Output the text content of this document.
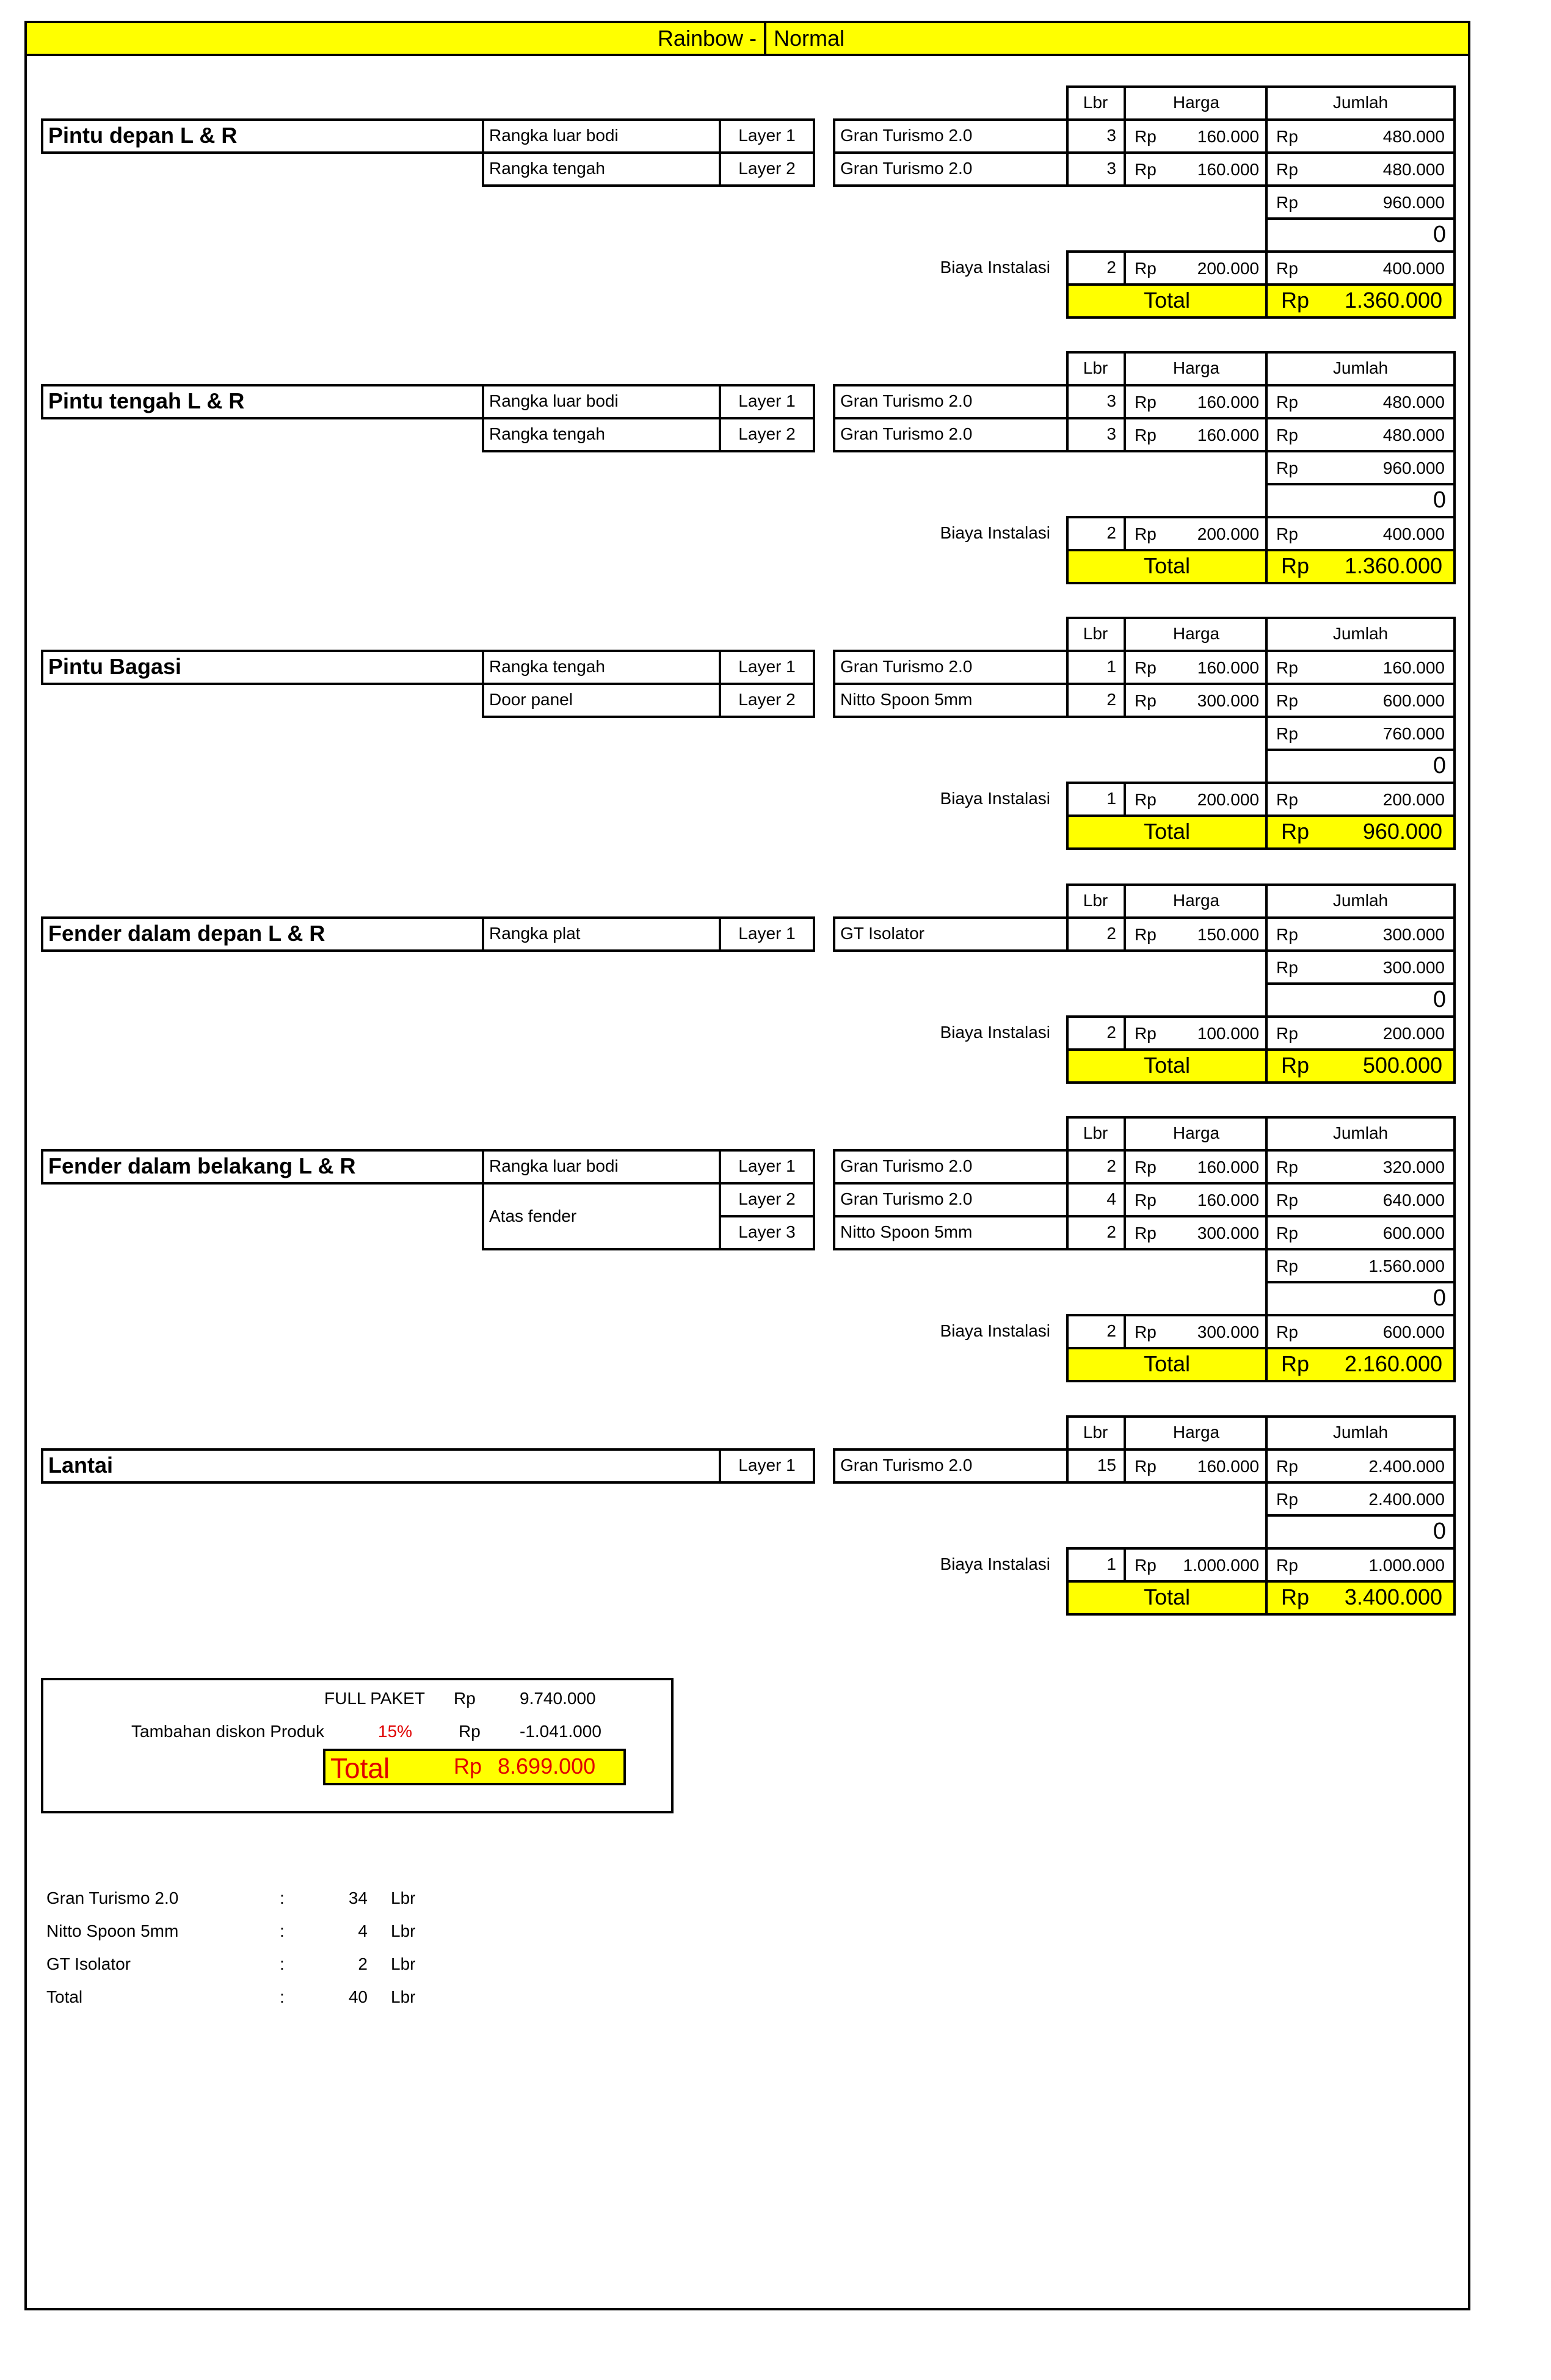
Rainbow - Normal
Lbr	Harga	Jumlah
Pintu depan L & R	Rangka luar bodi	Layer 1	Gran Turismo 2.0	3	Rp 160.000 Rp	480.000
Rangka tengah	Layer 2	Gran Turismo 2.0	3	Rp 160.000 Rp	480.000
Rp	960.000
0
Biaya Instalasi	2	Rp 200.000 Rp	400.000
Total	Rp 1.360.000
Lbr	Harga	Jumlah
Pintu tengah L & R	Rangka luar bodi	Layer 1	Gran Turismo 2.0	3	Rp 160.000 Rp	480.000
Rangka tengah	Layer 2	Gran Turismo 2.0	3	Rp 160.000 Rp	480.000
Rp	960.000
0
Biaya Instalasi	2	Rp 200.000 Rp	400.000
Total	Rp 1.360.000
Lbr	Harga	Jumlah
Pintu Bagasi	Rangka tengah	Layer 1	Gran Turismo 2.0	1	Rp 160.000 Rp	160.000
Door panel	Layer 2	Nitto Spoon 5mm	2	Rp 300.000 Rp	600.000
Rp	760.000
0
Biaya Instalasi	1	Rp 200.000 Rp	200.000
Total	Rp 960.000
Lbr	Harga	Jumlah
Fender dalam depan L & R	Rangka plat	Layer 1	GT Isolator	2	Rp 150.000 Rp	300.000
Rp	300.000
0
Biaya Instalasi	2	Rp 100.000 Rp	200.000
Total	Rp 500.000
Lbr	Harga	Jumlah
Fender dalam belakang L & R	Rangka luar bodi	Layer 1	Gran Turismo 2.0	2	Rp 160.000 Rp	320.000
Atas fender
Layer 2	Gran Turismo 2.0	4	Rp 160.000 Rp	640.000
Layer 3	Nitto Spoon 5mm	2	Rp 300.000 Rp	600.000
Rp	1.560.000
0
Biaya Instalasi	2	Rp 300.000 Rp	600.000
Total	Rp 2.160.000
Lbr	Harga	Jumlah
Lantai	Layer 1	Gran Turismo 2.0	15	Rp 160.000 Rp	2.400.000
Rp	2.400.000
0
Biaya Instalasi	1	Rp 1.000.000 Rp	1.000.000
Total	Rp 3.400.000
FULL PAKET Rp	9.740.000
Tambahan diskon Produk	15%	Rp -1.041.000
Total	Rp 8.699.000
Gran Turismo 2.0	:	34 Lbr
Nitto Spoon 5mm	:	4 Lbr
GT Isolator	:	2 Lbr
Total	:	40 Lbr
